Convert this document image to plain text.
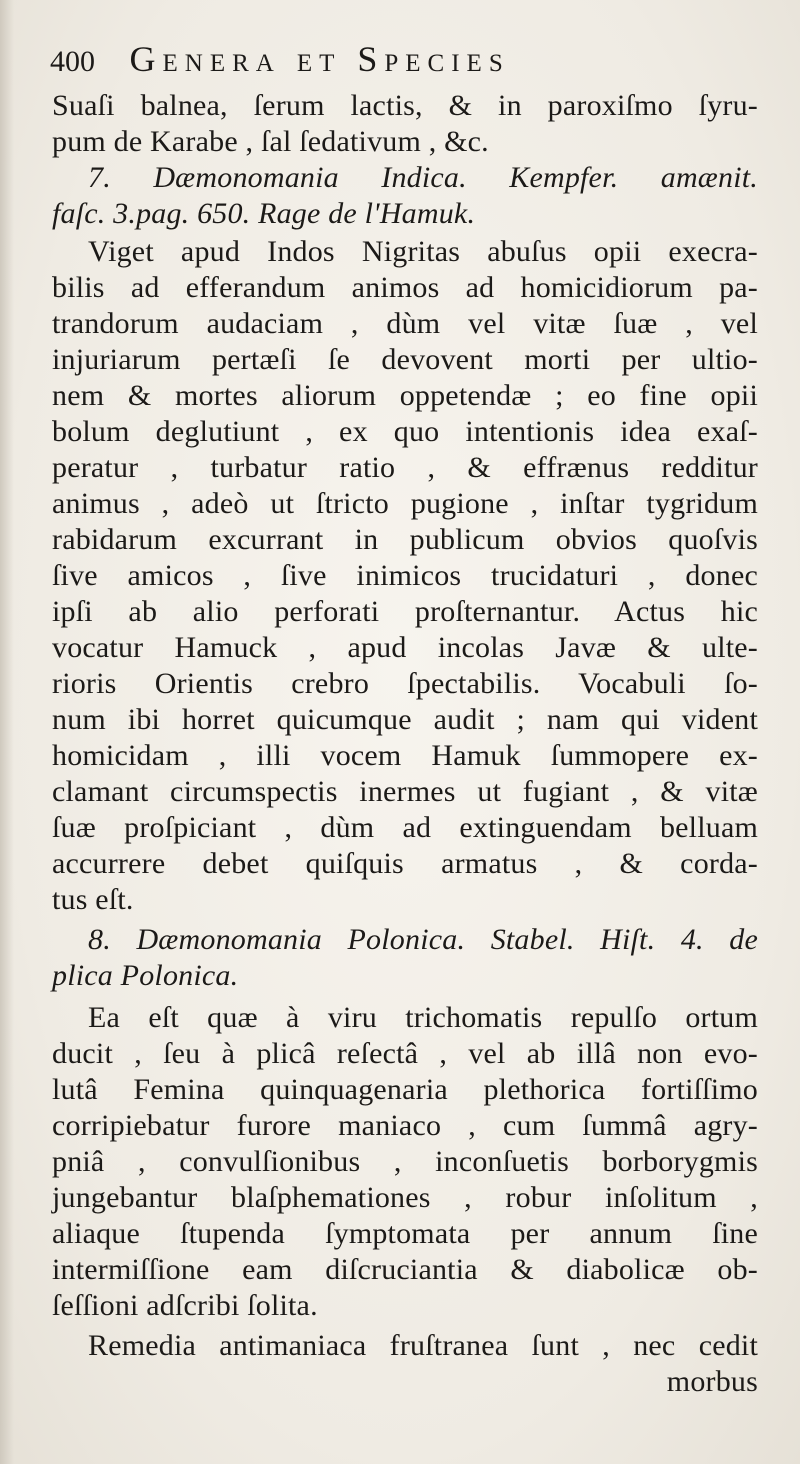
400 Genera et Species
Suaſi balnea, ſerum lactis, & in paroxiſmo ſyru-
pum de Karabe , ſal ſedativum , &c.
7. Dæmonomania Indica. Kempfer. amænit.
faſc. 3.pag. 650. Rage de l'Hamuk.
Viget apud Indos Nigritas abuſus opii execra-
bilis ad efferandum animos ad homicidiorum pa-
trandorum audaciam , dùm vel vitæ ſuæ , vel
injuriarum pertæſi ſe devovent morti per ultio-
nem & mortes aliorum oppetendæ ; eo fine opii
bolum deglutiunt , ex quo intentionis idea exaſ-
peratur , turbatur ratio , & effrænus redditur
animus , adeò ut ſtricto pugione , inſtar tygridum
rabidarum excurrant in publicum obvios quoſvis
ſive amicos , ſive inimicos trucidaturi , donec
ipſi ab alio perforati proſternantur. Actus hic
vocatur Hamuck , apud incolas Javæ & ulte-
rioris Orientis crebro ſpectabilis. Vocabuli ſo-
num ibi horret quicumque audit ; nam qui vident
homicidam , illi vocem Hamuk ſummopere ex-
clamant circumspectis inermes ut fugiant , & vitæ
ſuæ proſpiciant , dùm ad extinguendam belluam
accurrere debet quiſquis armatus , & corda-
tus eſt.
8. Dæmonomania Polonica. Stabel. Hiſt. 4. de
plica Polonica.
Ea eſt quæ à viru trichomatis repulſo ortum
ducit , ſeu à plicâ reſectâ , vel ab illâ non evo-
lutâ Femina quinquagenaria plethorica fortiſſimo
corripiebatur furore maniaco , cum ſummâ agry-
pniâ , convulſionibus , inconſuetis borborygmis
jungebantur blaſphemationes , robur inſolitum ,
aliaque ſtupenda ſymptomata per annum ſine
intermiſſione eam diſcruciantia & diabolicæ ob-
ſeſſioni adſcribi ſolita.
Remedia antimaniaca fruſtranea ſunt , nec cedit
morbus
